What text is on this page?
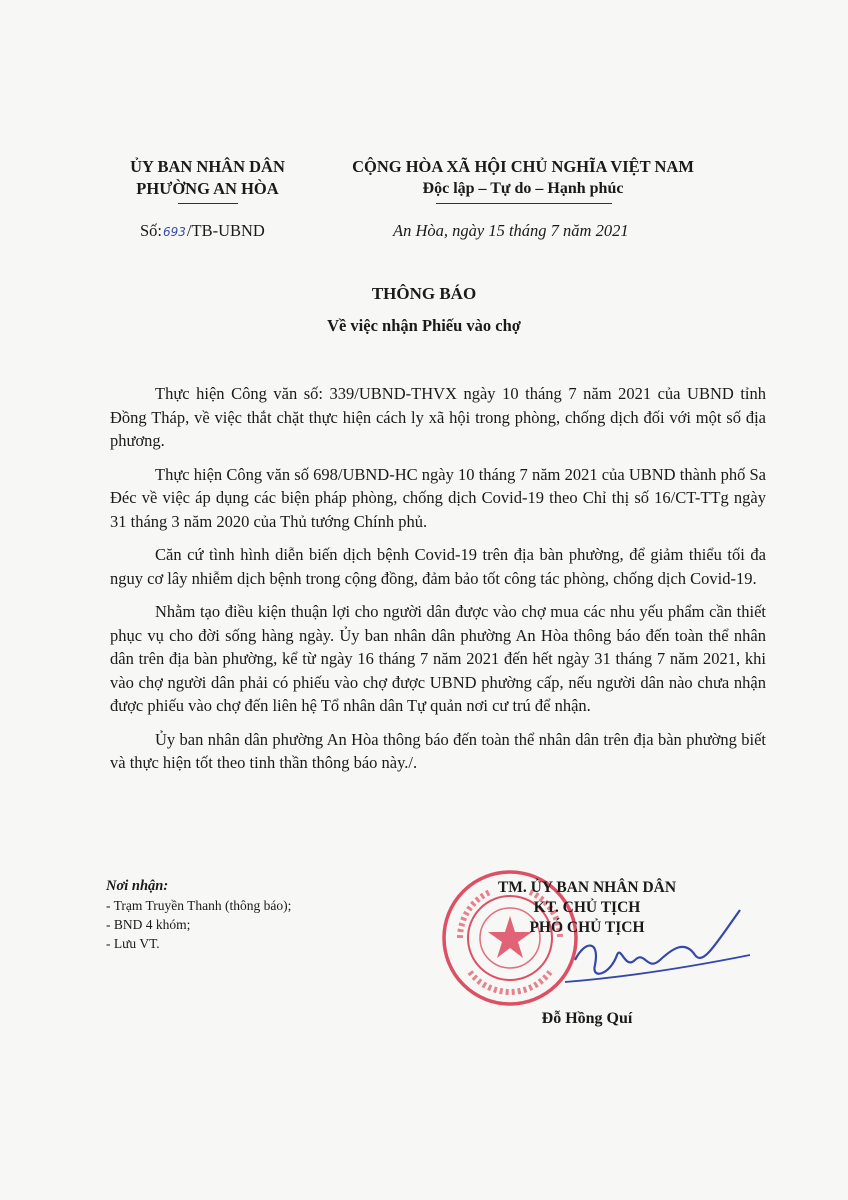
ỦY BAN NHÂN DÂN
PHƯỜNG AN HÒA
CỘNG HÒA XÃ HỘI CHỦ NGHĨA VIỆT NAM
Độc lập – Tự do – Hạnh phúc
Số:693/TB-UBND	An Hòa, ngày 15 tháng 7 năm 2021
THÔNG BÁO
Về việc nhận Phiếu vào chợ

Thực hiện Công văn số: 339/UBND-THVX ngày 10 tháng 7 năm 2021 của UBND tỉnh Đồng Tháp, về việc thắt chặt thực hiện cách ly xã hội trong phòng, chống dịch đối với một số địa phương.

Thực hiện Công văn số 698/UBND-HC ngày 10 tháng 7 năm 2021 của UBND thành phố Sa Đéc về việc áp dụng các biện pháp phòng, chống dịch Covid-19 theo Chỉ thị số 16/CT-TTg ngày 31 tháng 3 năm 2020 của Thủ tướng Chính phủ.

Căn cứ tình hình diễn biến dịch bệnh Covid-19 trên địa bàn phường, để giảm thiểu tối đa nguy cơ lây nhiễm dịch bệnh trong cộng đồng, đảm bảo tốt công tác phòng, chống dịch Covid-19.

Nhằm tạo điều kiện thuận lợi cho người dân được vào chợ mua các nhu yếu phẩm cần thiết phục vụ cho đời sống hàng ngày. Ủy ban nhân dân phường An Hòa thông báo đến toàn thể nhân dân trên địa bàn phường, kể từ ngày 16 tháng 7 năm 2021 đến hết ngày 31 tháng 7 năm 2021, khi vào chợ người dân phải có phiếu vào chợ được UBND phường cấp, nếu người dân nào chưa nhận được phiếu vào chợ đến liên hệ Tổ nhân dân Tự quản nơi cư trú để nhận.

Ủy ban nhân dân phường An Hòa thông báo đến toàn thể nhân dân trên địa bàn phường biết và thực hiện tốt theo tinh thần thông báo này./.

Nơi nhận:
- Trạm Truyền Thanh (thông báo);
- BND 4 khóm;
- Lưu VT.
TM. ỦY BAN NHÂN DÂN
KT. CHỦ TỊCH
PHÓ CHỦ TỊCH
Đỗ Hồng Quí
